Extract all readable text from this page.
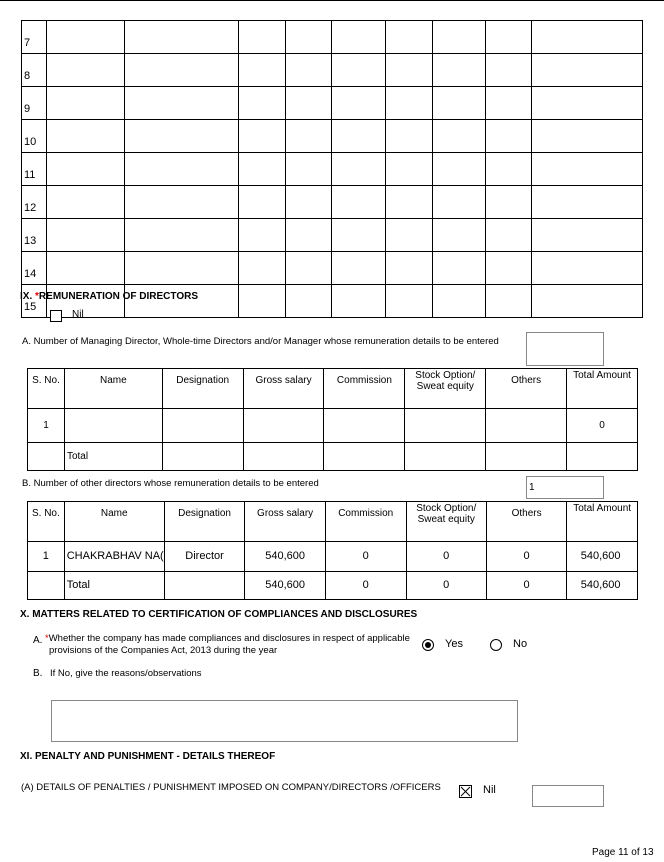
7									
8									
9									
10									
11									
12									
13									
14									
15									
IX. *REMUNERATION OF DIRECTORS
Nil
A. Number of Managing Director, Whole-time Directors and/or Manager whose remuneration details to be entered
S. No.	Name	Designation	Gross salary	Commission	Stock Option/ Sweat equity	Others	Total Amount
1							0
	Total						
B. Number of other directors whose remuneration details to be entered	1
S. No.	Name	Designation	Gross salary	Commission	Stock Option/ Sweat equity	Others	Total Amount
1	CHAKRABHAV NA(	Director	540,600	0	0	0	540,600
	Total		540,600	0	0	0	540,600
X. MATTERS RELATED TO CERTIFICATION OF COMPLIANCES AND DISCLOSURES
A. *Whether the company has made compliances and disclosures in respect of applicable
provisions of the Companies Act, 2013 during the year
Yes	No
B. If No, give the reasons/observations
XI. PENALTY AND PUNISHMENT - DETAILS THEREOF
(A) DETAILS OF PENALTIES / PUNISHMENT IMPOSED ON COMPANY/DIRECTORS /OFFICERS	Nil
Page 11 of 13
